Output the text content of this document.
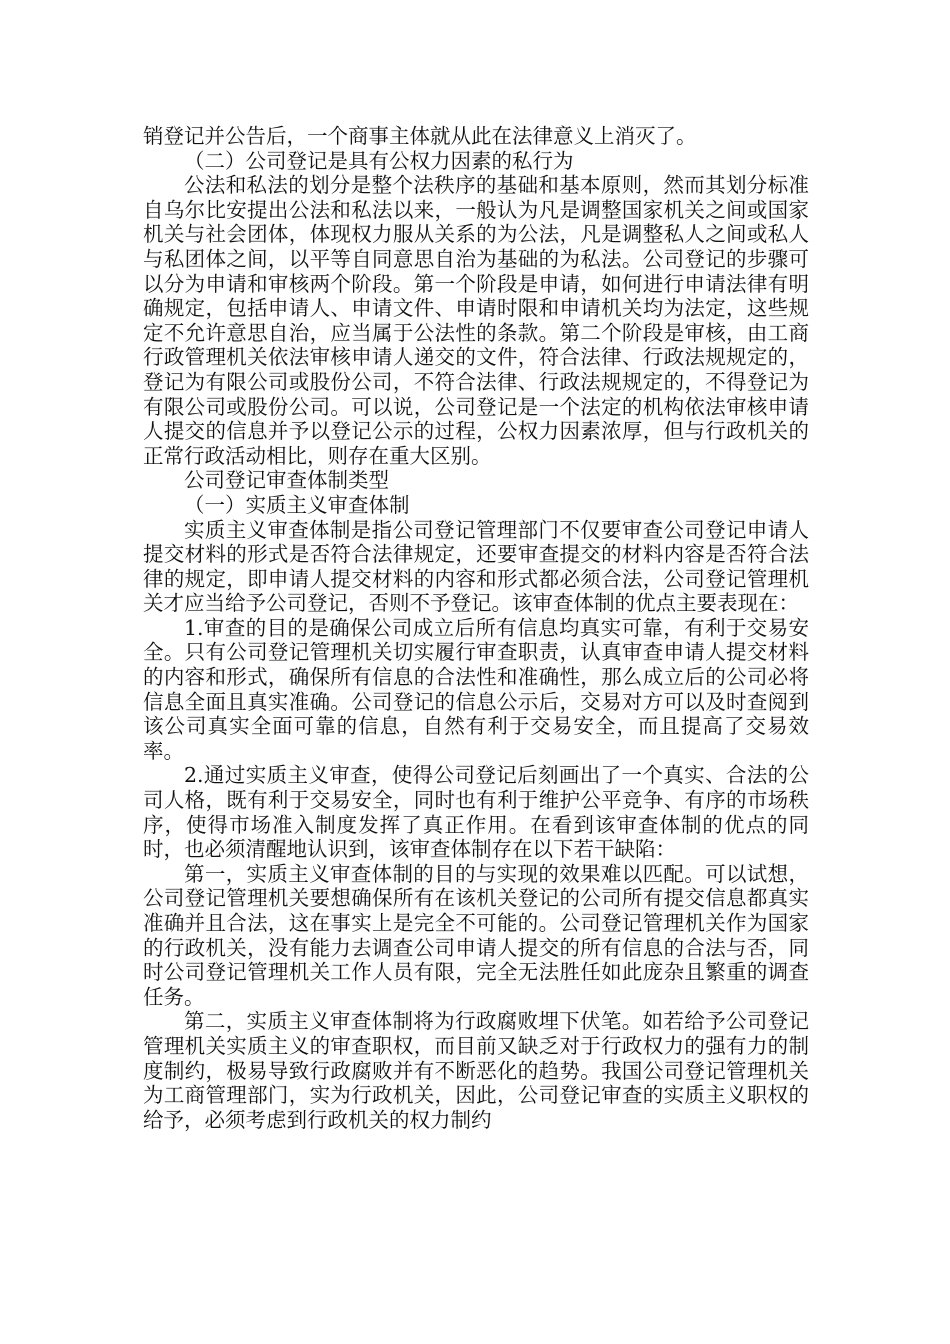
销登记并公告后，一个商事主体就从此在法律意义上消灭了。

（二）公司登记是具有公权力因素的私行为

公法和私法的划分是整个法秩序的基础和基本原则，然而其划分标准自乌尔比安提出公法和私法以来，一般认为凡是调整国家机关之间或国家机关与社会团体，体现权力服从关系的为公法，凡是调整私人之间或私人与私团体之间，以平等自同意思自治为基础的为私法。公司登记的步骤可以分为申请和审核两个阶段。第一个阶段是申请，如何进行申请法律有明确规定，包括申请人、申请文件、申请时限和申请机关均为法定，这些规定不允许意思自治，应当属于公法性的条款。第二个阶段是审核，由工商行政管理机关依法审核申请人递交的文件，符合法律、行政法规规定的，登记为有限公司或股份公司，不符合法律、行政法规规定的，不得登记为有限公司或股份公司。可以说，公司登记是一个法定的机构依法审核申请人提交的信息并予以登记公示的过程，公权力因素浓厚，但与行政机关的正常行政活动相比，则存在重大区别。

公司登记审查体制类型

（一）实质主义审查体制

实质主义审查体制是指公司登记管理部门不仅要审查公司登记申请人提交材料的形式是否符合法律规定，还要审查提交的材料内容是否符合法律的规定，即申请人提交材料的内容和形式都必须合法，公司登记管理机关才应当给予公司登记，否则不予登记。该审查体制的优点主要表现在：

1.审查的目的是确保公司成立后所有信息均真实可靠，有利于交易安全。只有公司登记管理机关切实履行审查职责，认真审查申请人提交材料的内容和形式，确保所有信息的合法性和准确性，那么成立后的公司必将信息全面且真实准确。公司登记的信息公示后，交易对方可以及时查阅到该公司真实全面可靠的信息，自然有利于交易安全，而且提高了交易效率。

2.通过实质主义审查，使得公司登记后刻画出了一个真实、合法的公司人格，既有利于交易安全，同时也有利于维护公平竞争、有序的市场秩序，使得市场准入制度发挥了真正作用。在看到该审查体制的优点的同时，也必须清醒地认识到，该审查体制存在以下若干缺陷：

第一，实质主义审查体制的目的与实现的效果难以匹配。可以试想，公司登记管理机关要想确保所有在该机关登记的公司所有提交信息都真实准确并且合法，这在事实上是完全不可能的。公司登记管理机关作为国家的行政机关，没有能力去调查公司申请人提交的所有信息的合法与否，同时公司登记管理机关工作人员有限，完全无法胜任如此庞杂且繁重的调查任务。

第二，实质主义审查体制将为行政腐败埋下伏笔。如若给予公司登记管理机关实质主义的审查职权，而目前又缺乏对于行政权力的强有力的制度制约，极易导致行政腐败并有不断恶化的趋势。我国公司登记管理机关为工商管理部门，实为行政机关，因此，公司登记审查的实质主义职权的给予，必须考虑到行政机关的权力制约
